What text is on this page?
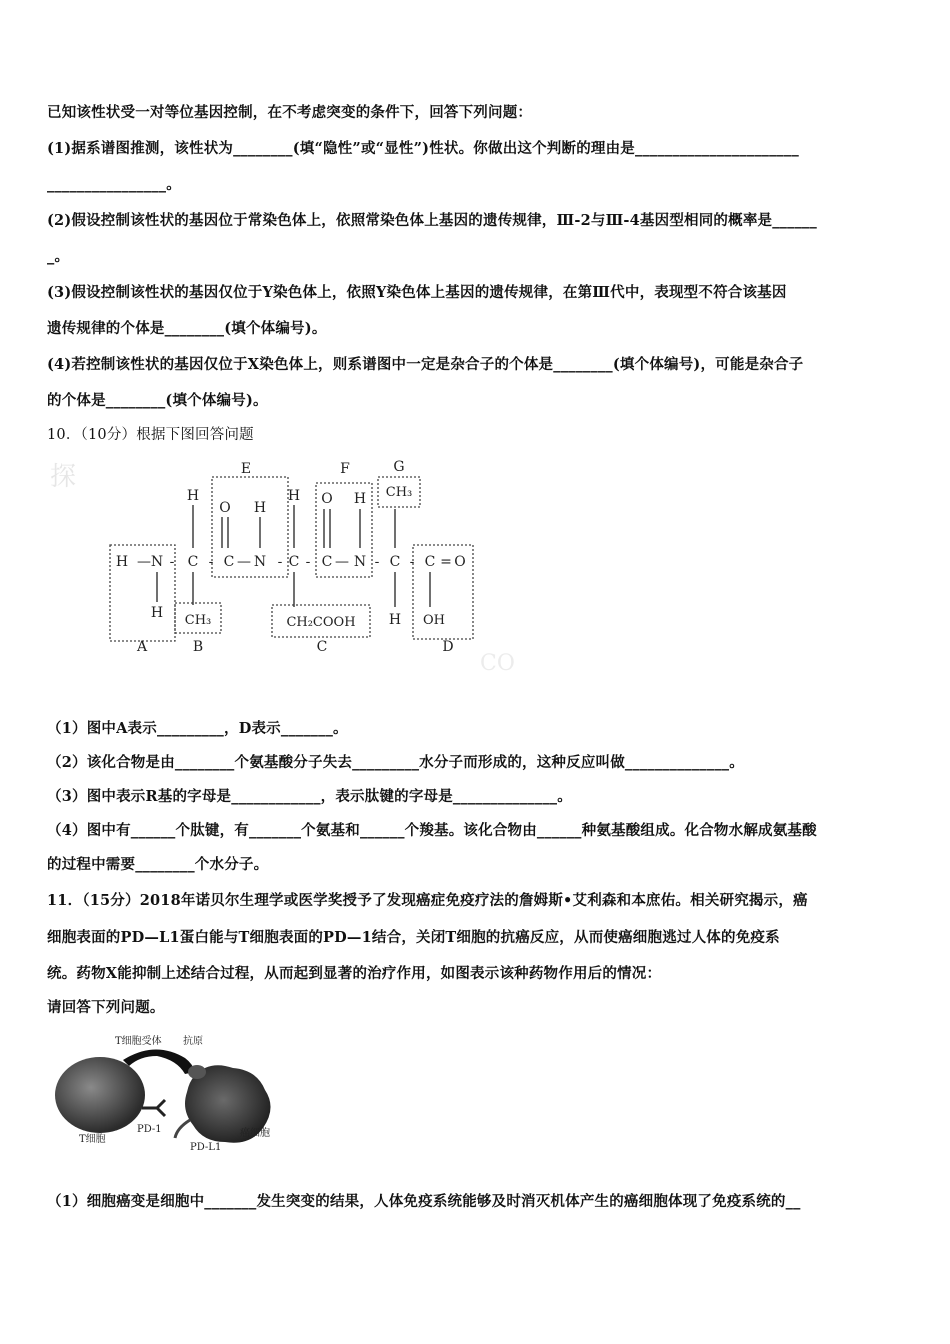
已知该性状受一对等位基因控制，在不考虑突变的条件下，回答下列问题：
(1)据系谱图推测，该性状为________(填“隐性”或“显性”)性状。你做出这个判断的理由是______________________
________________。
(2)假设控制该性状的基因位于常染色体上，依照常染色体上基因的遗传规律，Ⅲ-2与Ⅲ-4基因型相同的概率是______
_。
(3)假设控制该性状的基因仅位于Y染色体上，依照Y染色体上基因的遗传规律，在第Ⅲ代中，表现型不符合该基因
遗传规律的个体是________(填个体编号)。
(4)若控制该性状的基因仅位于X染色体上，则系谱图中一定是杂合子的个体是________(填个体编号)，可能是杂合子
的个体是________(填个体编号)。
10．（10分）根据下图回答问题
探
CO
E	F	G
A	B	C	D
H — N - C - C — N - C - C — N - C - C = O
H
O H
H O H CH₃
H CH₃	CH₂COOH H OH
（1）图中A表示_________，D表示_______。
（2）该化合物是由________个氨基酸分子失去_________水分子而形成的，这种反应叫做______________。
（3）图中表示R基的字母是____________，表示肽键的字母是______________。
（4）图中有______个肽键，有_______个氨基和______个羧基。该化合物由______种氨基酸组成。化合物水解成氨基酸
的过程中需要________个水分子。
11．（15分）2018年诺贝尔生理学或医学奖授予了发现癌症免疫疗法的詹姆斯•艾利森和本庶佑。相关研究揭示，癌
细胞表面的PD—L1蛋白能与T细胞表面的PD—1结合，关闭T细胞的抗癌反应，从而使癌细胞逃过人体的免疫系
统。药物X能抑制上述结合过程，从而起到显著的治疗作用，如图表示该种药物作用后的情况：
请回答下列问题。
T细胞受体 抗原
T细胞
PD-1
PD-L1
癌细胞
（1）细胞癌变是细胞中_______发生突变的结果，人体免疫系统能够及时消灭机体产生的癌细胞体现了免疫系统的__
